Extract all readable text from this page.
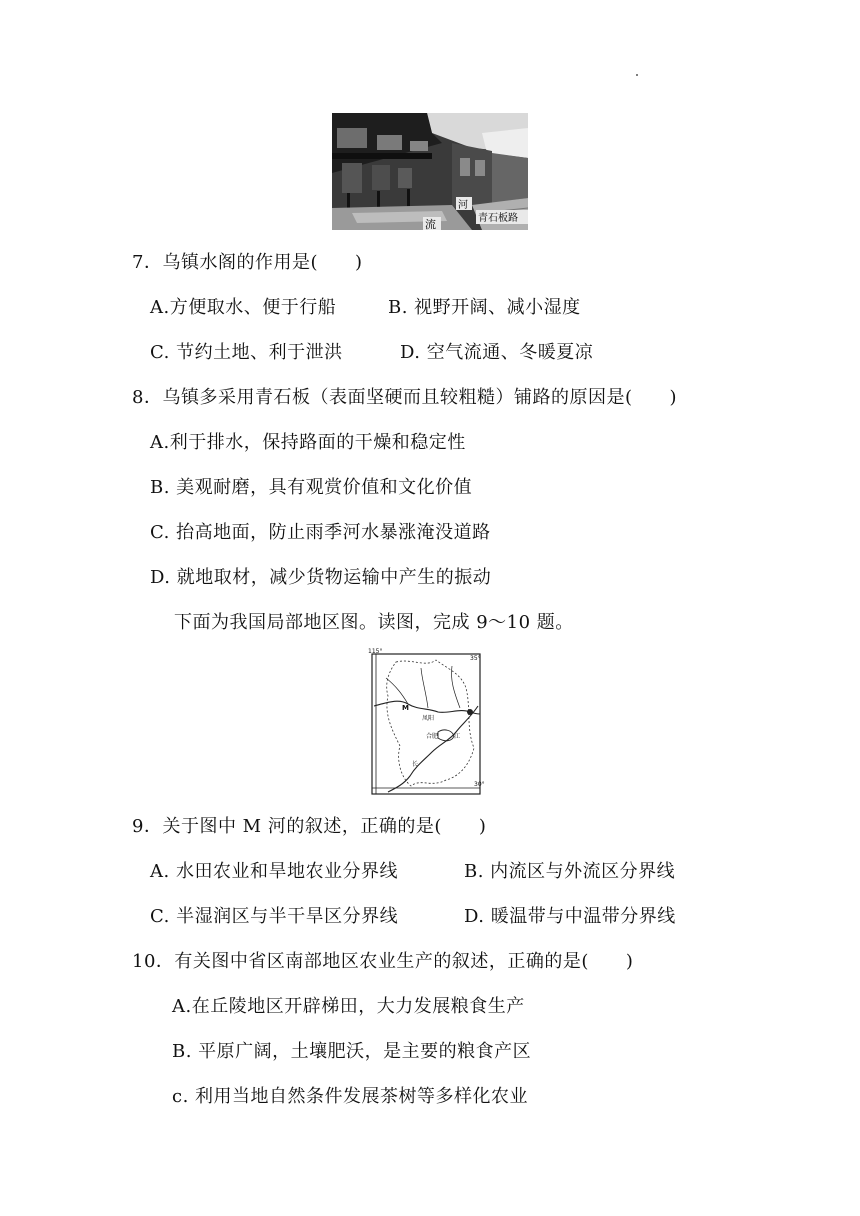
流
河
青石板路
7．乌镇水阁的作用是(　　)
A.方便取水、便于行船	B. 视野开阔、减小湿度
C. 节约土地、利于泄洪	D. 空气流通、冬暖夏凉
8．乌镇多采用青石板（表面坚硬而且较粗糙）铺路的原因是(　　)
A.利于排水，保持路面的干燥和稳定性
B. 美观耐磨，具有观赏价值和文化价值
C. 抬高地面，防止雨季河水暴涨淹没道路
D. 就地取材，减少货物运输中产生的振动
下面为我国局部地区图。读图，完成 9～10 题。
115°
35°
30°
M
凤阳
合肥	江
长
9．关于图中 M 河的叙述，正确的是(　　)
A. 水田农业和旱地农业分界线	B. 内流区与外流区分界线
C. 半湿润区与半干旱区分界线	D. 暖温带与中温带分界线
10．有关图中省区南部地区农业生产的叙述，正确的是(　　)
A.在丘陵地区开辟梯田，大力发展粮食生产
B. 平原广阔，土壤肥沃，是主要的粮食产区
c. 利用当地自然条件发展茶树等多样化农业
